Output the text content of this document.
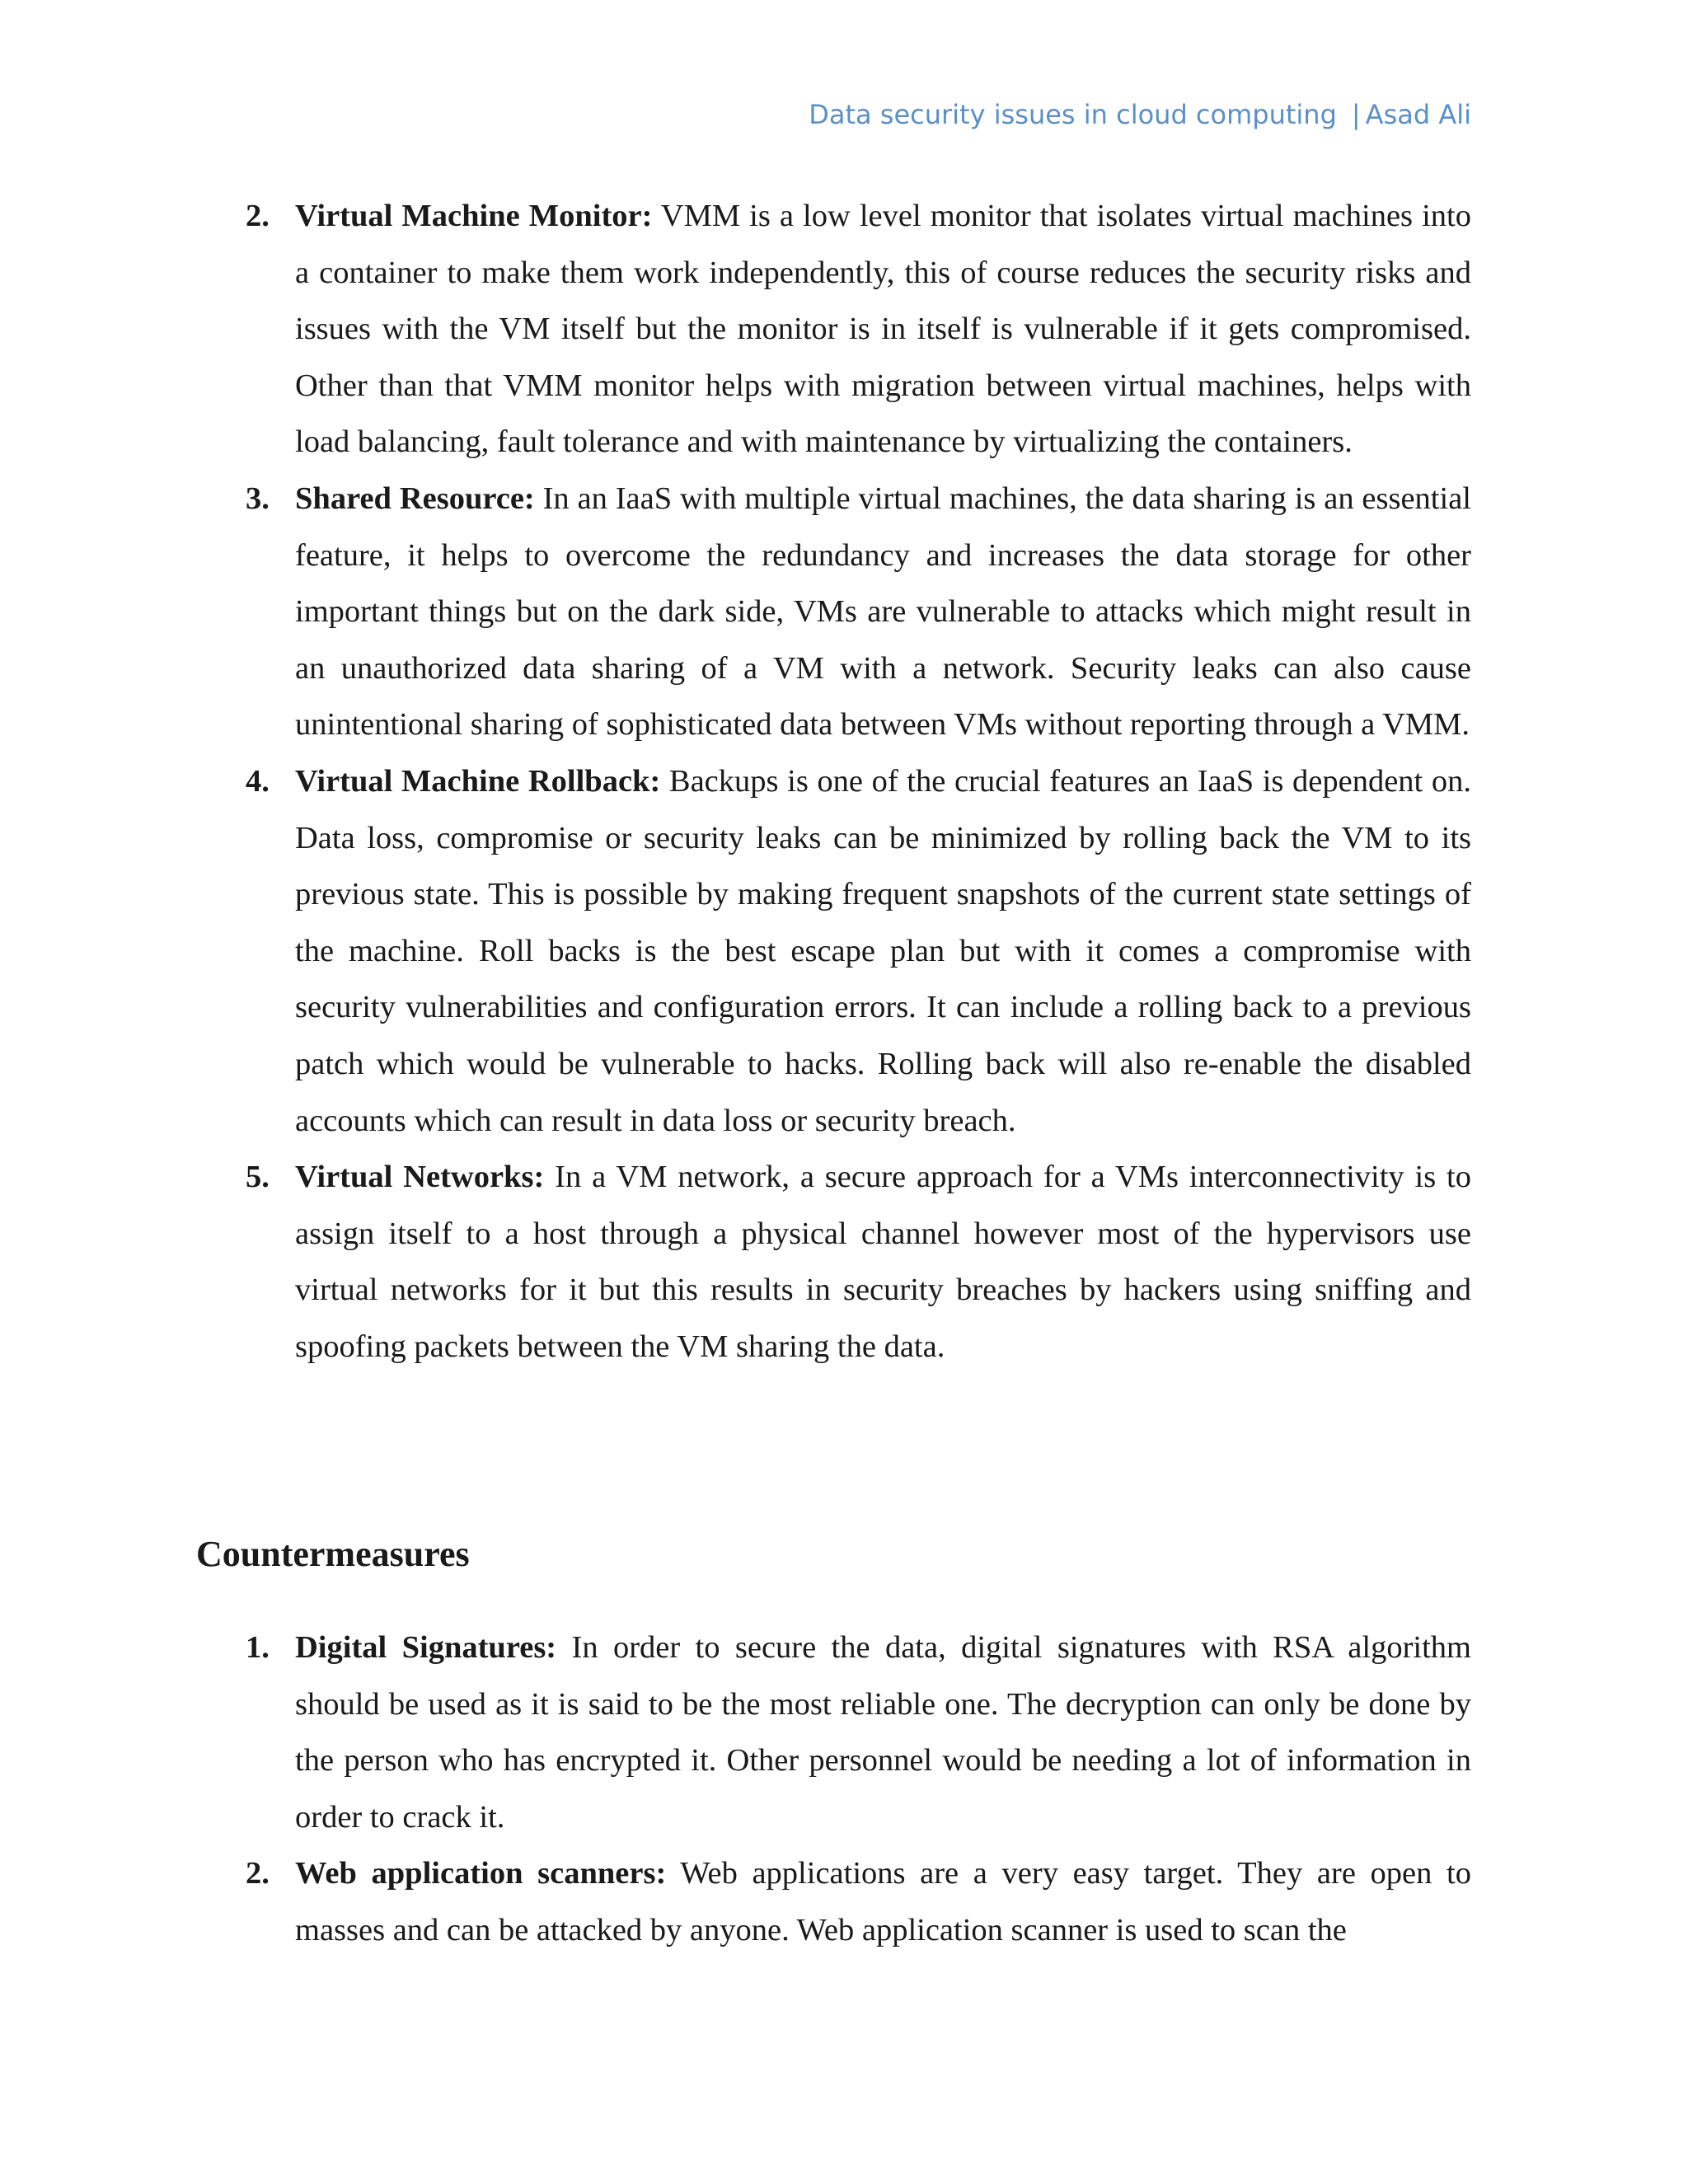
Data security issues in cloud computing | Asad Ali
2. Virtual Machine Monitor: VMM is a low level monitor that isolates virtual machines into a container to make them work independently, this of course reduces the security risks and issues with the VM itself but the monitor is in itself is vulnerable if it gets compromised. Other than that VMM monitor helps with migration between virtual machines, helps with load balancing, fault tolerance and with maintenance by virtualizing the containers.
3. Shared Resource: In an IaaS with multiple virtual machines, the data sharing is an essential feature, it helps to overcome the redundancy and increases the data storage for other important things but on the dark side, VMs are vulnerable to attacks which might result in an unauthorized data sharing of a VM with a network. Security leaks can also cause unintentional sharing of sophisticated data between VMs without reporting through a VMM.
4. Virtual Machine Rollback: Backups is one of the crucial features an IaaS is dependent on. Data loss, compromise or security leaks can be minimized by rolling back the VM to its previous state. This is possible by making frequent snapshots of the current state settings of the machine. Roll backs is the best escape plan but with it comes a compromise with security vulnerabilities and configuration errors. It can include a rolling back to a previous patch which would be vulnerable to hacks. Rolling back will also re-enable the disabled accounts which can result in data loss or security breach.
5. Virtual Networks: In a VM network, a secure approach for a VMs interconnectivity is to assign itself to a host through a physical channel however most of the hypervisors use virtual networks for it but this results in security breaches by hackers using sniffing and spoofing packets between the VM sharing the data.
Countermeasures
1. Digital Signatures: In order to secure the data, digital signatures with RSA algorithm should be used as it is said to be the most reliable one. The decryption can only be done by the person who has encrypted it. Other personnel would be needing a lot of information in order to crack it.
2. Web application scanners: Web applications are a very easy target. They are open to masses and can be attacked by anyone. Web application scanner is used to scan the
